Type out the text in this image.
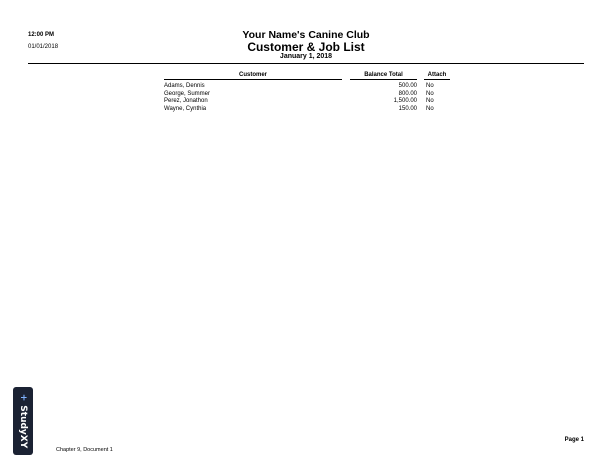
12:00 PM
01/01/2018
Your Name's Canine Club
Customer & Job List
January 1, 2018
Customer	Balance Total	Attach
Adams, Dennis	500.00 No
George, Summer	800.00 No
Perez, Jonathon	1,500.00 No
Wayne, Cynthia	150.00 No
+StudyXY
Chapter 9, Document 1
Page 1
